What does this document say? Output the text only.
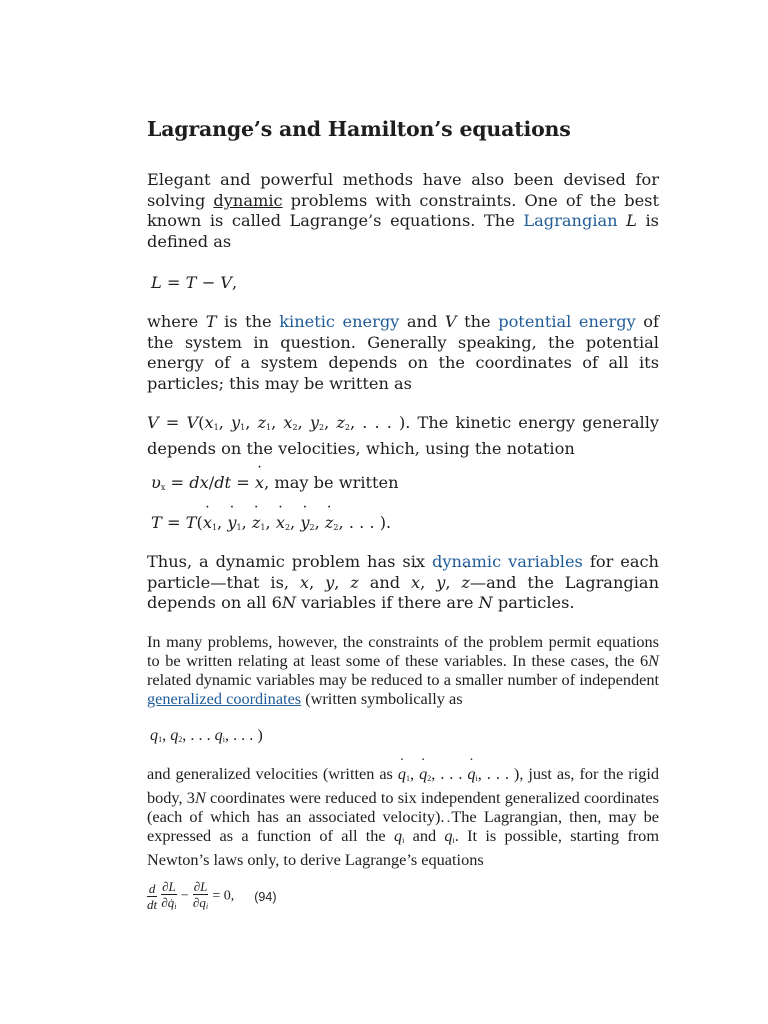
Lagrange’s and Hamilton’s equations
Elegant and powerful methods have also been devised for solving dynamic problems with constraints. One of the best known is called Lagrange’s equations. The Lagrangian L is defined as
L = T − V,
where T is the kinetic energy and V the potential energy of the system in question. Generally speaking, the potential energy of a system depends on the coordinates of all its particles; this may be written as
$V = V(x_1$, $y_1$, $z_1$, $x_2$, $y_2$, $z_2$, . . . ). The kinetic energy generally depends on the velocities, which, using the notation
$\upsilon_x = dx/dt = x$ ˙, may be written
T = T(x $˙_1$, y $˙_1$, z $˙_1$, x $˙_2$, y $˙_2$, z $˙_2$, . . . ).
Thus, a dynamic problem has six dynamic variables for each particle—that is, x, y, z and x ˙, y ˙, z ˙—and the Lagrangian depends on all 6N variables if there are N particles.
In many problems, however, the constraints of the problem permit equations to be written relating at least some of these variables. In these cases, the 6N related dynamic variables may be reduced to a smaller number of independent generalized coordinates (written symbolically as
$q_1$, $q_2$, . . . $q_i$, . . . )
and generalized velocities (written as q $˙_1$, q $˙_2$, . . . q $˙_i$, . . . ), just as, for the rigid body, 3N coordinates were reduced to six independent generalized coordinates (each of which has an associated velocity). The Lagrangian, then, may be expressed as a function of all the $q_i$ and q $˙_i$. It is possible, starting from Newton’s laws only, to derive Lagrange’s equations
$\frac{d}{dt}$
$\frac{\partial L}{\partial q̇_i} - \frac{\partial L}{\partial q_i} = 0$, (94)
